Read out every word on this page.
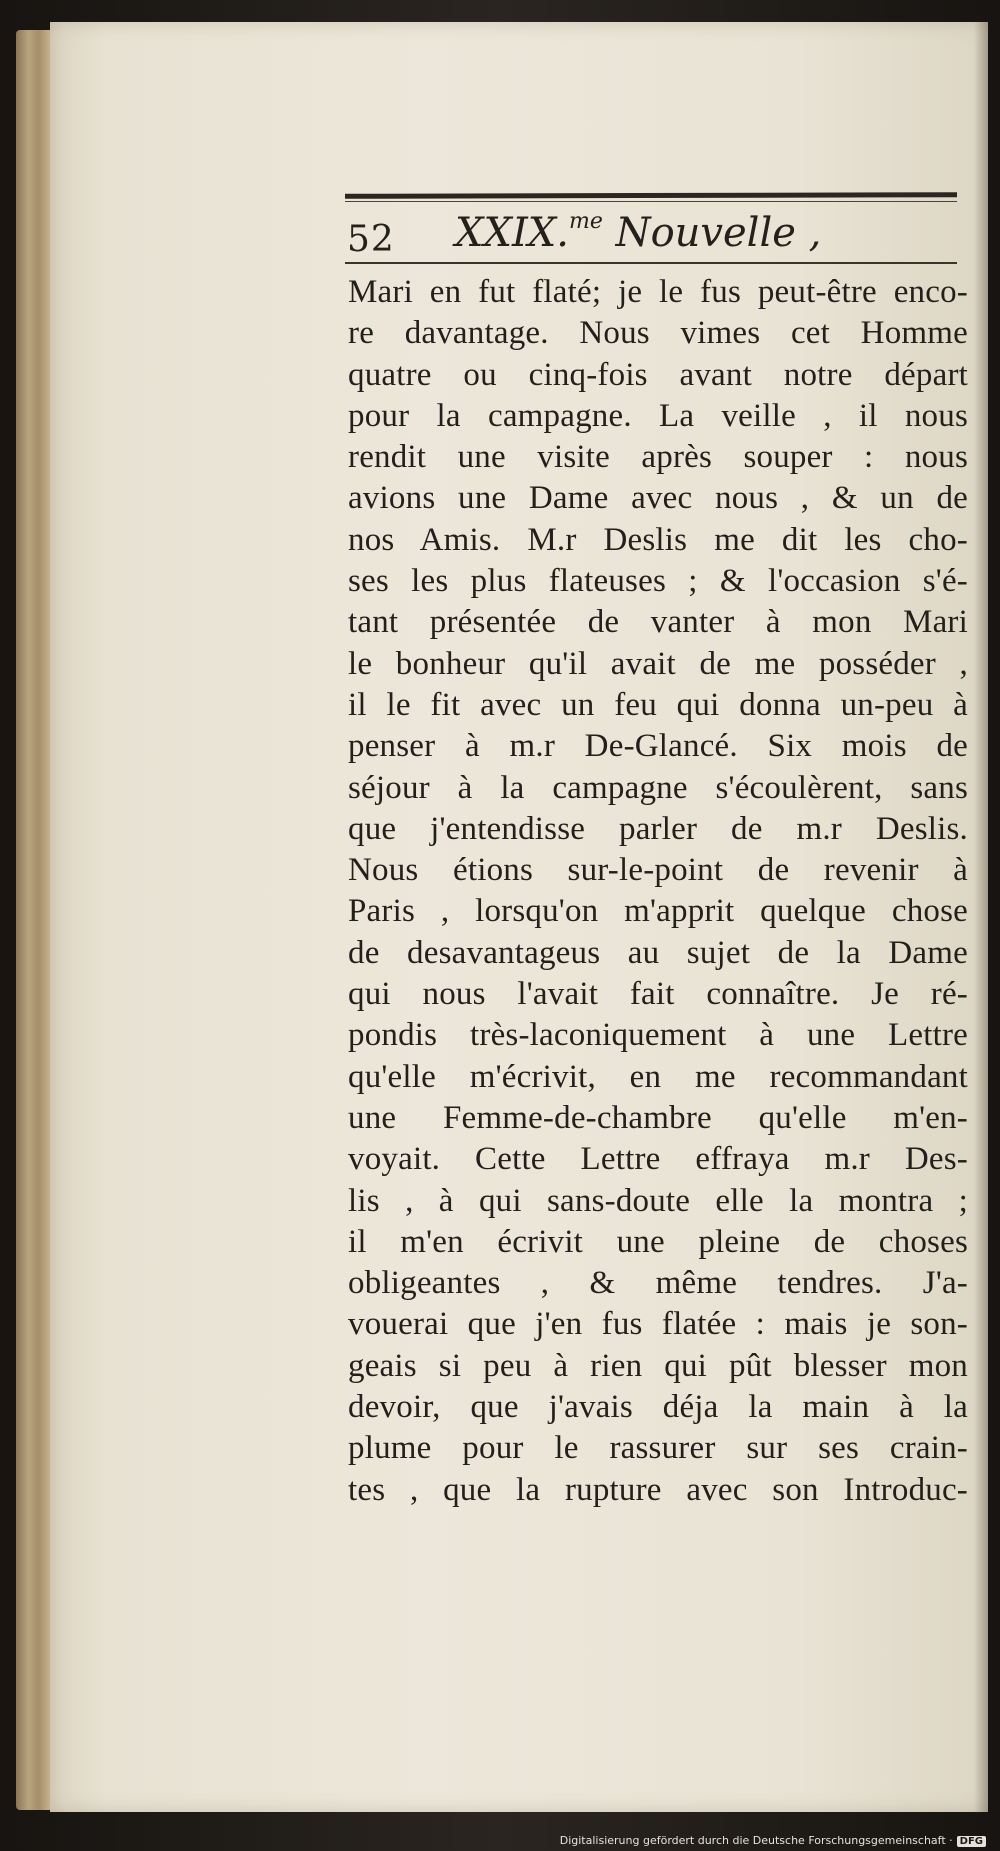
52 XXIX.$^{me}$ Nouvelle ,
Mari en fut flaté; je le fus peut-être enco-
re davantage. Nous vimes cet Homme
quatre ou cinq-fois avant notre départ
pour la campagne. La veille , il nous
rendit une visite après souper : nous
avions une Dame avec nous , & un de
nos Amis. M.r Deslis me dit les cho-
ses les plus flateuses ; & l'occasion s'é-
tant présentée de vanter à mon Mari
le bonheur qu'il avait de me posséder ,
il le fit avec un feu qui donna un-peu à
penser à m.r De-Glancé. Six mois de
séjour à la campagne s'écoulèrent, sans
que j'entendisse parler de m.r Deslis.
Nous étions sur-le-point de revenir à
Paris , lorsqu'on m'apprit quelque chose
de desavantageus au sujet de la Dame
qui nous l'avait fait connaître. Je ré-
pondis très-laconiquement à une Lettre
qu'elle m'écrivit, en me recommandant
une Femme-de-chambre qu'elle m'en-
voyait. Cette Lettre effraya m.r Des-
lis , à qui sans-doute elle la montra ;
il m'en écrivit une pleine de choses
obligeantes , & même tendres. J'a-
vouerai que j'en fus flatée : mais je son-
geais si peu à rien qui pût blesser mon
devoir, que j'avais déja la main à la
plume pour le rassurer sur ses crain-
tes , que la rupture avec son Introduc-
Digitalisierung gefördert durch die Deutsche Forschungsgemeinschaft · DFG
